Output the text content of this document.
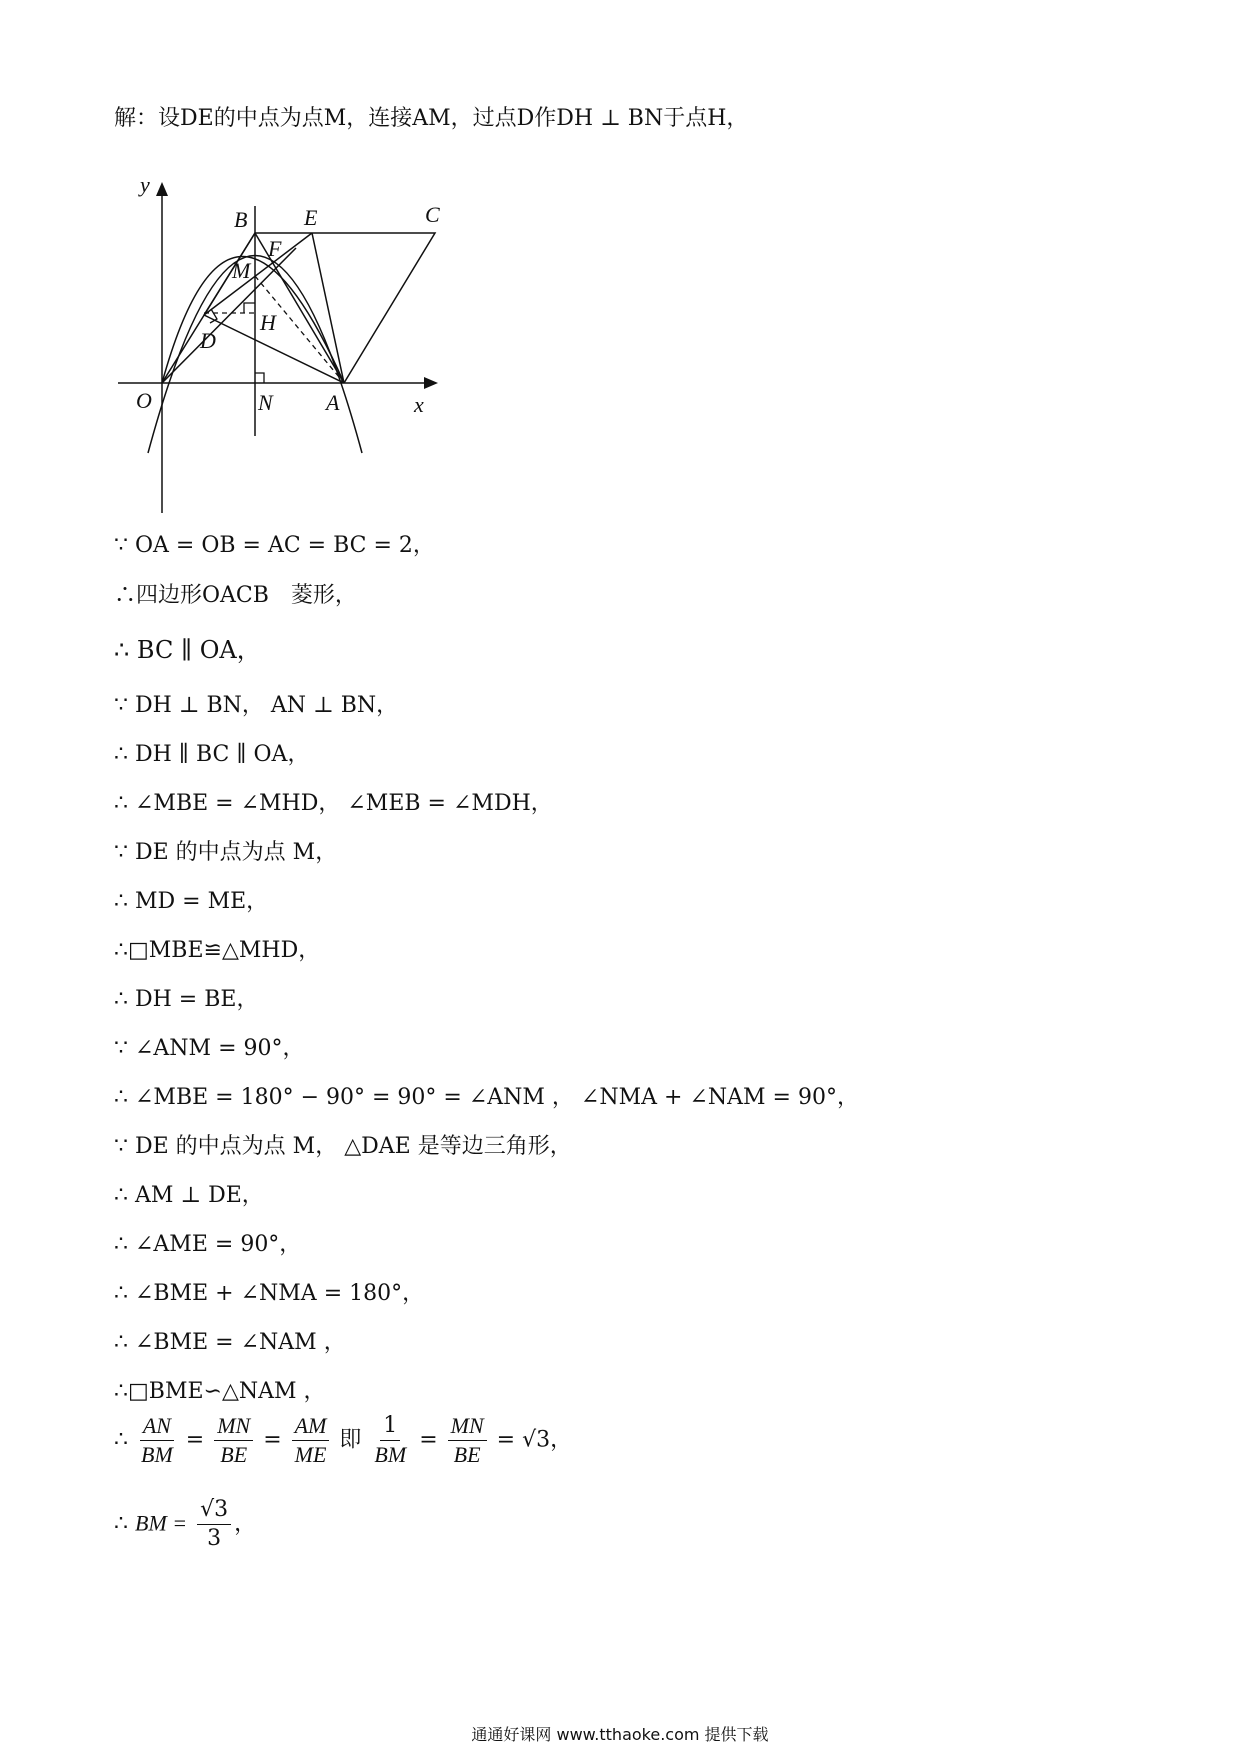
解：设DE的中点为点M，连接AM，过点D作DH ⊥ BN于点H，
y
x
O	N A
B	E	C
F
M
D
H
∵ OA = OB = AC = BC = 2，
∴四边形OACB　菱形，
∴ BC ∥ OA，
∵ DH ⊥ BN， AN ⊥ BN，
∴ DH ∥ BC ∥ OA，
∴ ∠MBE = ∠MHD， ∠MEB = ∠MDH，
∵ DE 的中点为点 M，
∴ MD = ME，
∴□MBE≌△MHD，
∴ DH = BE，
∵ ∠ANM = 90°，
∴ ∠MBE = 180° − 90° = 90° = ∠ANM ， ∠NMA + ∠NAM = 90°，
∵ DE 的中点为点 M， △DAE 是等边三角形，
∴ AM ⊥ DE，
∴ ∠AME = 90°，
∴ ∠BME + ∠NMA = 180°，
∴ ∠BME = ∠NAM ，
∴□BME∽△NAM ，
∴ $\frac{AN}{BM} = \frac{MN}{BE} = \frac{AM}{ME}$ 即 $\frac{1}{BM} = \frac{MN}{BE} = √3$，
∴ BM = $\frac{√3}{3}$ ，
通通好课网 www.tthaoke.com 提供下载
